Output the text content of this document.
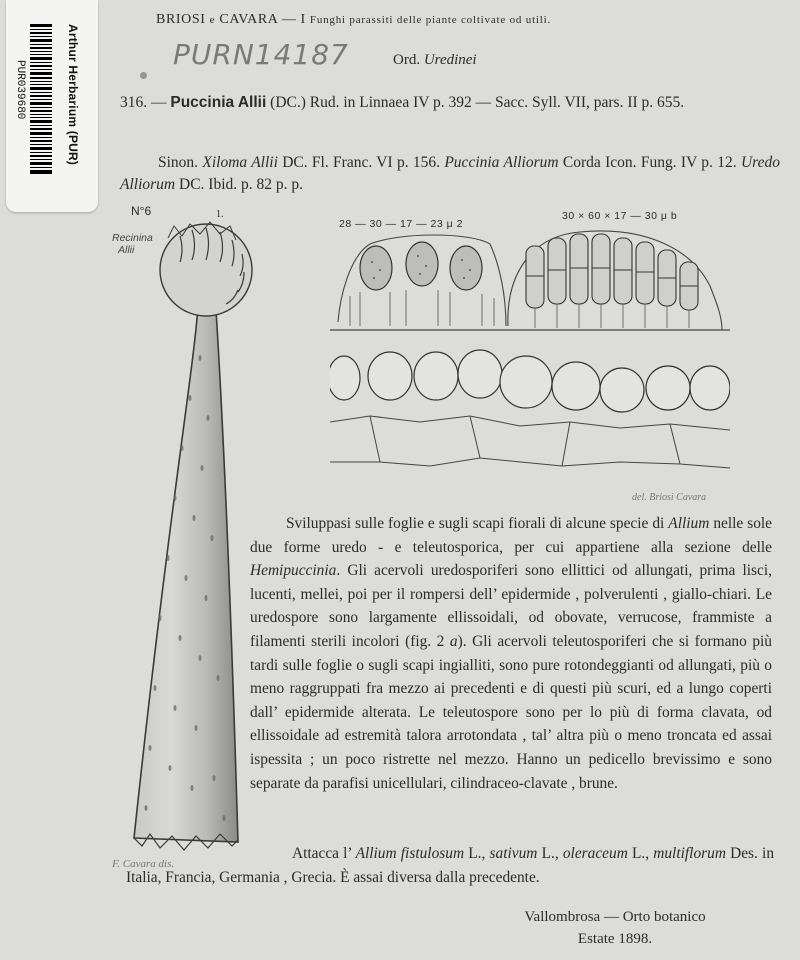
Arthur Herbarium (PUR)
PUR039680
BRIOSI e CAVARA — I Funghi parassiti delle piante coltivate od utili.
PURN14187	Ord. Uredinei
316. — Puccinia Allii (DC.) Rud. in Linnaea IV p. 392 — Sacc. Syll. VII, pars. II p. 655.
Sinon. Xiloma Allii DC. Fl. Franc. VI p. 156. Puccinia Alliorum Corda Icon. Fung. IV p. 12. Uredo Alliorum DC. Ibid. p. 82 p. p.
N°6
Recinina
Allii
1.
F. Cavara dis.
28 — 30 — 17 — 23 μ 2
30 × 60 × 17 — 30 μ b
del. Briosi Cavara
Sviluppasi sulle foglie e sugli scapi fiorali di alcune specie di Allium nelle sole due forme uredo - e teleutosporica, per cui appartiene alla sezione delle Hemipuccinia. Gli acervoli uredosporiferi sono ellittici od allungati, prima lisci, lucenti, mellei, poi per il rompersi dell’ epidermide , polverulenti , giallo-chiari. Le uredospore sono largamente ellissoidali, od obovate, verrucose, frammiste a filamenti sterili incolori (fig. 2 a). Gli acervoli teleutosporiferi che si formano più tardi sulle foglie o sugli scapi ingialliti, sono pure rotondeggianti od allungati, più o meno raggruppati fra mezzo ai precedenti e di questi più scuri, ed a lungo coperti dall’ epidermide alterata. Le teleutospore sono per lo più di forma clavata, od ellissoidale ad estremità talora arrotondata , tal’ altra più o meno troncata ed assai ispessita ; un poco ristrette nel mezzo. Hanno un pedicello brevissimo e sono separate da parafisi unicellulari, cilindraceo-clavate , brune.
Attacca l’ Allium fistulosum L., sativum L., oleraceum L., multiflorum Des. in Italia, Francia, Germania , Grecia. È assai diversa dalla precedente.
Vallombrosa — Orto botanico
Estate 1898.
